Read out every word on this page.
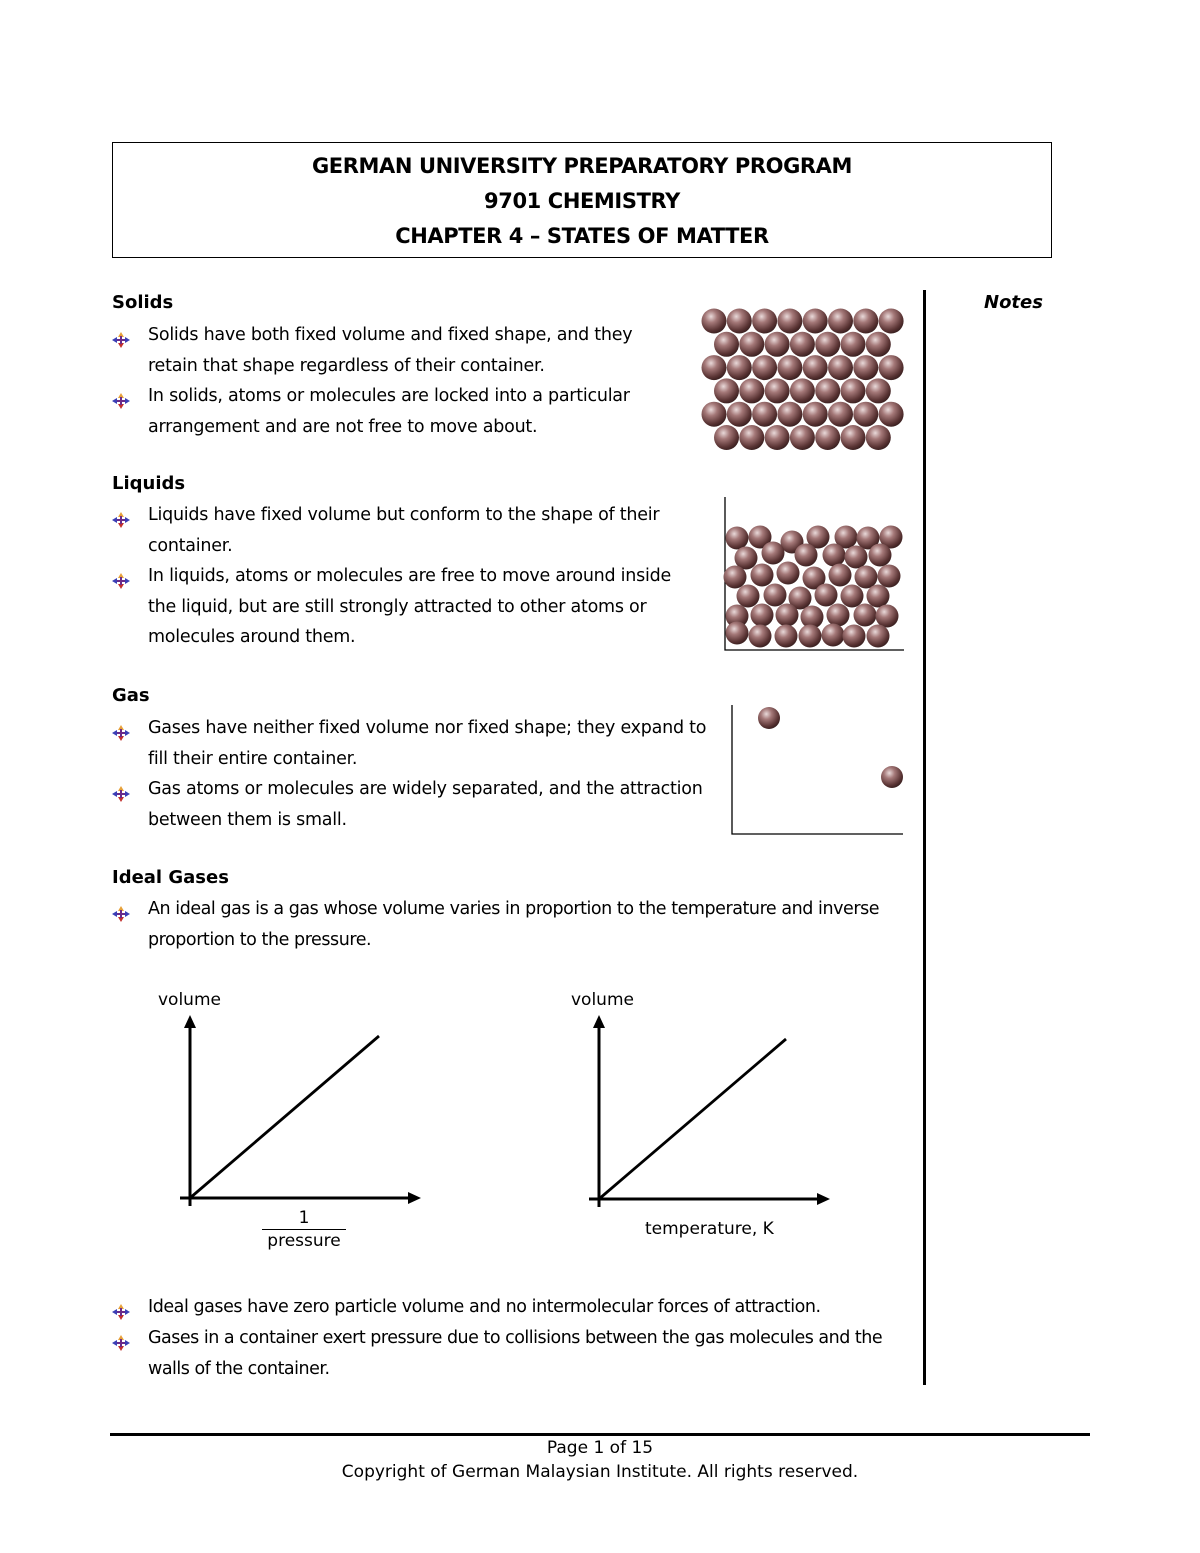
GERMAN UNIVERSITY PREPARATORY PROGRAM
9701 CHEMISTRY
CHAPTER 4 – STATES OF MATTER
Notes
Solids
Solids have both fixed volume and fixed shape, and they
retain that shape regardless of their container.
In solids, atoms or molecules are locked into a particular
arrangement and are not free to move about.
Liquids
Liquids have fixed volume but conform to the shape of their
container.
In liquids, atoms or molecules are free to move around inside
the liquid, but are still strongly attracted to other atoms or
molecules around them.
Gas
Gases have neither fixed volume nor fixed shape; they expand to
fill their entire container.
Gas atoms or molecules are widely separated, and the attraction
between them is small.
Ideal Gases
An ideal gas is a gas whose volume varies in proportion to the temperature and inverse
proportion to the pressure.
Ideal gases have zero particle volume and no intermolecular forces of attraction.
Gases in a container exert pressure due to collisions between the gas molecules and the
walls of the container.
volume
1
pressure
volume
temperature, K
Page 1 of 15
Copyright of German Malaysian Institute. All rights reserved.
